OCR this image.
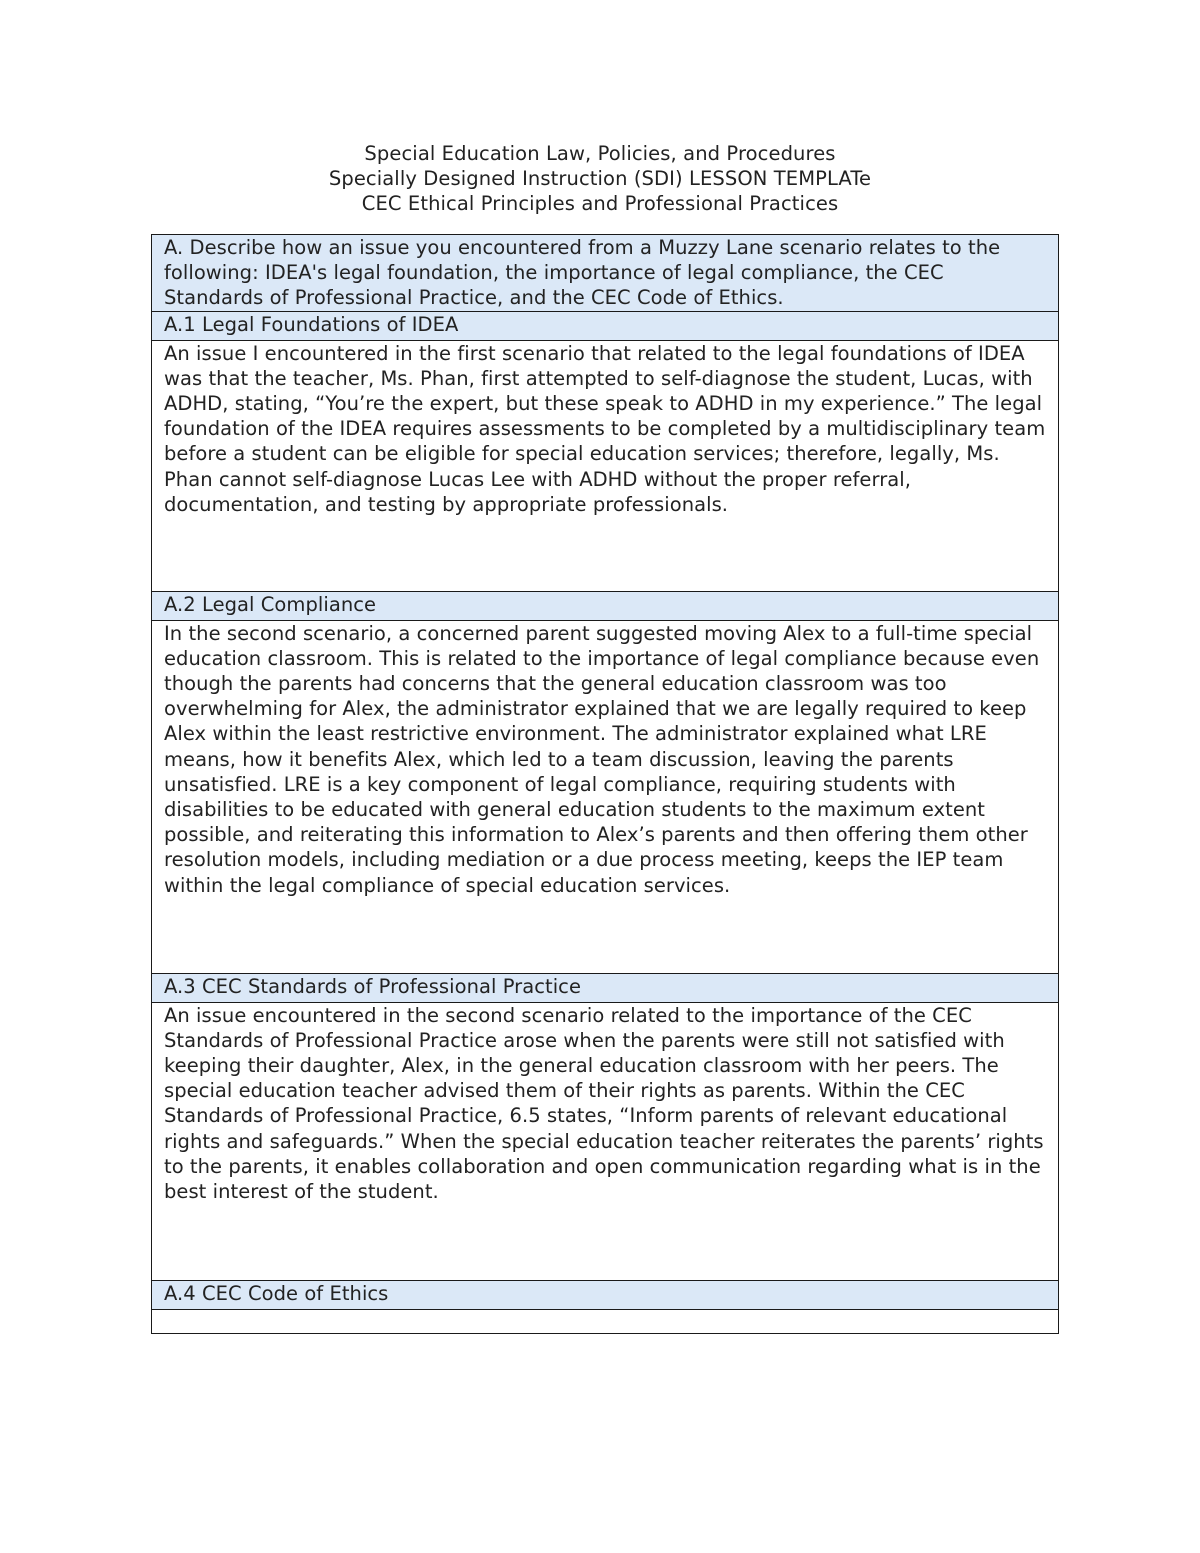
Special Education Law, Policies, and Procedures
Specially Designed Instruction (SDI) LESSON TEMPLATe
CEC Ethical Principles and Professional Practices
A. Describe how an issue you encountered from a Muzzy Lane scenario relates to the following: IDEA's legal foundation, the importance of legal compliance, the CEC Standards of Professional Practice, and the CEC Code of Ethics.
A.1 Legal Foundations of IDEA

An issue I encountered in the first scenario that related to the legal foundations of IDEA was that the teacher, Ms. Phan, first attempted to self-diagnose the student, Lucas, with ADHD, stating, “You’re the expert, but these speak to ADHD in my experience.” The legal foundation of the IDEA requires assessments to be completed by a multidisciplinary team before a student can be eligible for special education services; therefore, legally, Ms. Phan cannot self-diagnose Lucas Lee with ADHD without the proper referral, documentation, and testing by appropriate professionals.

A.2 Legal Compliance

In the second scenario, a concerned parent suggested moving Alex to a full-time special education classroom. This is related to the importance of legal compliance because even though the parents had concerns that the general education classroom was too overwhelming for Alex, the administrator explained that we are legally required to keep Alex within the least restrictive environment. The administrator explained what LRE means, how it benefits Alex, which led to a team discussion, leaving the parents unsatisfied. LRE is a key component of legal compliance, requiring students with disabilities to be educated with general education students to the maximum extent possible, and reiterating this information to Alex’s parents and then offering them other resolution models, including mediation or a due process meeting, keeps the IEP team within the legal compliance of special education services.

A.3 CEC Standards of Professional Practice

An issue encountered in the second scenario related to the importance of the CEC Standards of Professional Practice arose when the parents were still not satisfied with keeping their daughter, Alex, in the general education classroom with her peers. The special education teacher advised them of their rights as parents. Within the CEC Standards of Professional Practice, 6.5 states, “Inform parents of relevant educational rights and safeguards.” When the special education teacher reiterates the parents’ rights to the parents, it enables collaboration and open communication regarding what is in the best interest of the student.

A.4 CEC Code of Ethics
